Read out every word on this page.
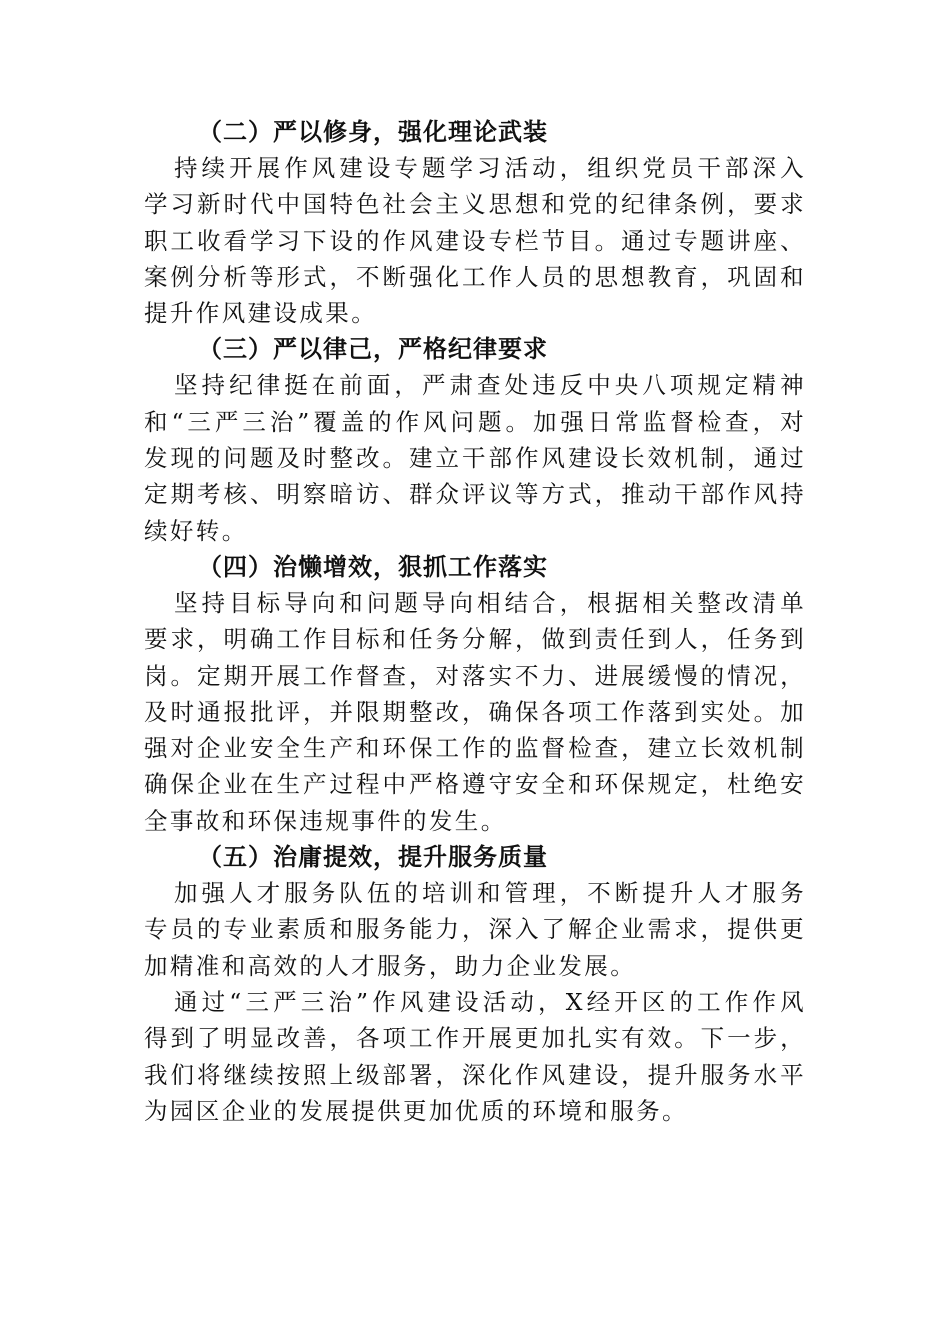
（二）严以修身，强化理论武装
持续开展作风建设专题学习活动，组织党员干部深入
学习新时代中国特色社会主义思想和党的纪律条例，要求
职工收看学习下设的作风建设专栏节目。通过专题讲座、
案例分析等形式，不断强化工作人员的思想教育，巩固和
提升作风建设成果。
（三）严以律己，严格纪律要求
坚持纪律挺在前面，严肃查处违反中央八项规定精神
和“三严三治”覆盖的作风问题。加强日常监督检查，对
发现的问题及时整改。建立干部作风建设长效机制，通过
定期考核、明察暗访、群众评议等方式，推动干部作风持
续好转。
（四）治懒增效，狠抓工作落实
坚持目标导向和问题导向相结合，根据相关整改清单
要求，明确工作目标和任务分解，做到责任到人，任务到
岗。定期开展工作督查，对落实不力、进展缓慢的情况，
及时通报批评，并限期整改，确保各项工作落到实处。加
强对企业安全生产和环保工作的监督检查，建立长效机制
确保企业在生产过程中严格遵守安全和环保规定，杜绝安
全事故和环保违规事件的发生。
（五）治庸提效，提升服务质量
加强人才服务队伍的培训和管理，不断提升人才服务
专员的专业素质和服务能力，深入了解企业需求，提供更
加精准和高效的人才服务，助力企业发展。
通过“三严三治”作风建设活动，X经开区的工作作风
得到了明显改善，各项工作开展更加扎实有效。下一步，
我们将继续按照上级部署，深化作风建设，提升服务水平
为园区企业的发展提供更加优质的环境和服务。
